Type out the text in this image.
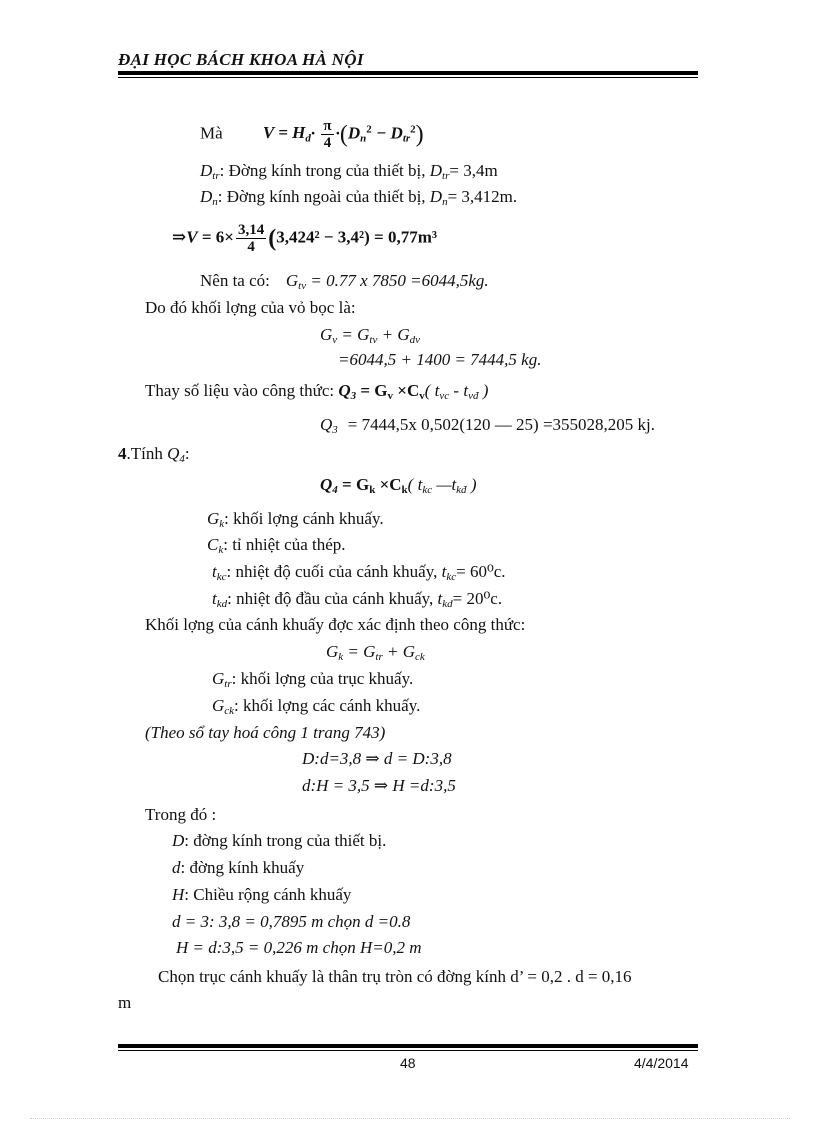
ĐẠI HỌC BÁCH KHOA HÀ NỘI
Mà $V = H_d\cdot \frac{\pi}{4} \cdot(D_n^2 - D_{tr}^2)$
$D_{tr}$: Đờng kính trong của thiết bị, $D_{tr}= 3,4m$
$D_n$: Đờng kính ngoài của thiết bị, $D_n= 3,412m$.
⇒V = $6\times \frac{3,14}{4} (3,424^2 - 3,4^2) = 0,77m^3$
Nên ta có: $G_{tv} = 0.77$ x 7850 =6044,5kg.
Do đó khối lợng của vỏ bọc là:
$G_v = G_{tv} + G_{dv}$
=6044,5 + 1400 = 7444,5 kg.
Thay số liệu vào công thức: $Q_3 = G_v \times C_v$( $t_{vc} - t_{vđ}$ )
$Q_3 = 7444,5x$ 0,502(120 — 25) =355028,205 kj.
4.Tính $Q_4$:
$Q_4 = G_k \times C_k$( $t_{kc}$ $—t_{kđ}$ )
$G_k$: khối lợng cánh khuấy.
$C_k$: tỉ nhiệt của thép.
$t_{kc}$: nhiệt độ cuối của cánh khuấy, $t_{kc}= 60^0c$.
$t_{kd}$: nhiệt độ đầu của cánh khuấy, $t_{kd}= 20^0c$.
Khối lợng của cánh khuấy đợc xác định theo công thức:
$G_k = G_{tr} + G_{ck}$
$G_{tr}$: khối lợng của trục khuấy.
$G_{ck}$: khối lợng các cánh khuấy.
(Theo sổ tay hoá công 1 trang 743)
D:d=3,8 ⇒ d = D:3,8
d:H = 3,5 ⇒ H =d:3,5
Trong đó :
D: đờng kính trong của thiết bị.
d: đờng kính khuấy
H: Chiều rộng cánh khuấy
d = 3: 3,8 = 0,7895 m chọn d =0.8
H = d:3,5 = 0,226 m chọn H=0,2 m
Chọn trục cánh khuấy là thân trụ tròn có đờng kính d’ = 0,2 . d = 0,16
m
48	4/4/2014
